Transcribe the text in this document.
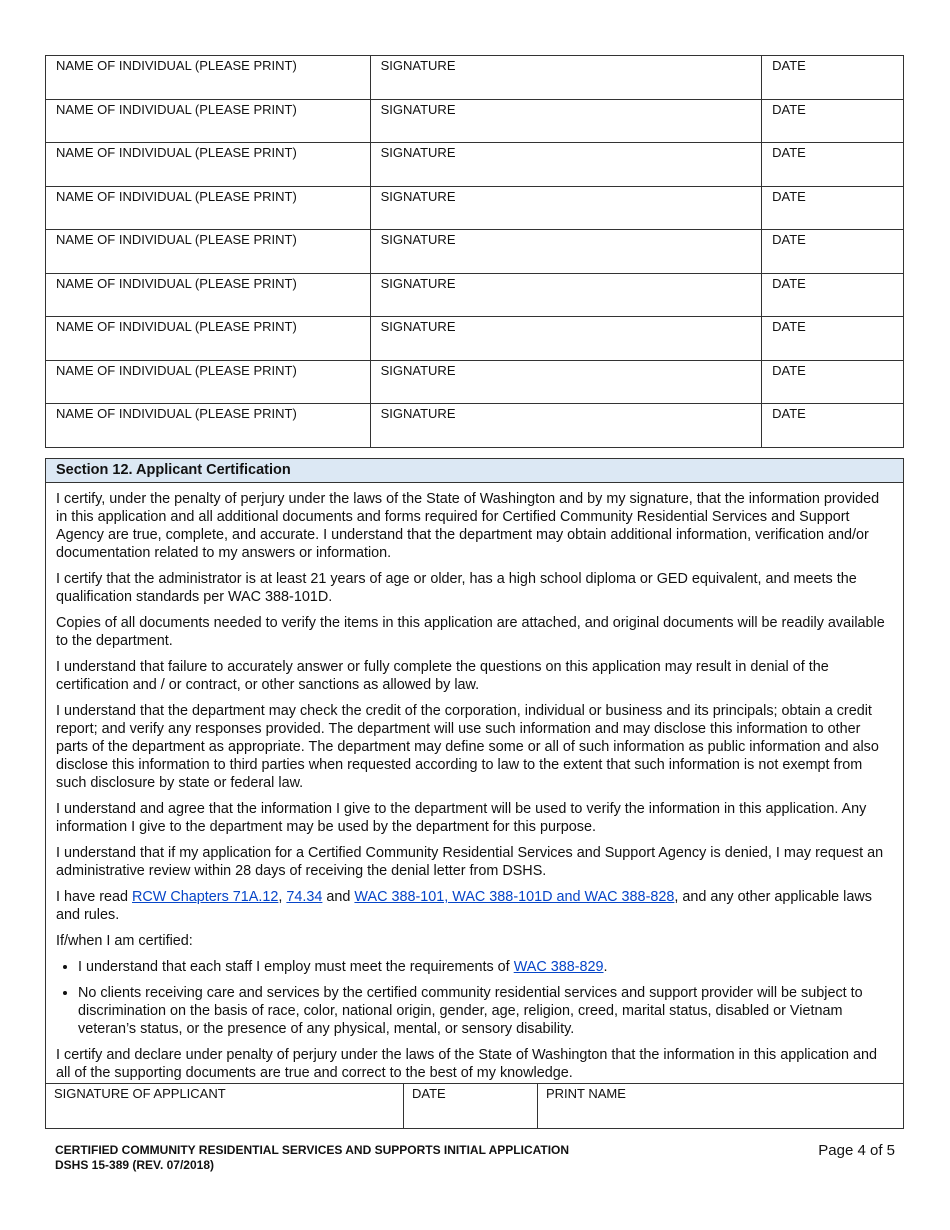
NAME OF INDIVIDUAL (PLEASE PRINT)	SIGNATURE	DATE
NAME OF INDIVIDUAL (PLEASE PRINT)	SIGNATURE	DATE
NAME OF INDIVIDUAL (PLEASE PRINT)	SIGNATURE	DATE
NAME OF INDIVIDUAL (PLEASE PRINT)	SIGNATURE	DATE
NAME OF INDIVIDUAL (PLEASE PRINT)	SIGNATURE	DATE
NAME OF INDIVIDUAL (PLEASE PRINT)	SIGNATURE	DATE
NAME OF INDIVIDUAL (PLEASE PRINT)	SIGNATURE	DATE
NAME OF INDIVIDUAL (PLEASE PRINT)	SIGNATURE	DATE
NAME OF INDIVIDUAL (PLEASE PRINT)	SIGNATURE	DATE
Section 12. Applicant Certification

I certify, under the penalty of perjury under the laws of the State of Washington and by my signature, that the information provided in this application and all additional documents and forms required for Certified Community Residential Services and Support Agency are true, complete, and accurate. I understand that the department may obtain additional information, verification and/or documentation related to my answers or information.

I certify that the administrator is at least 21 years of age or older, has a high school diploma or GED equivalent, and meets the qualification standards per WAC 388-101D.

Copies of all documents needed to verify the items in this application are attached, and original documents will be readily available to the department.

I understand that failure to accurately answer or fully complete the questions on this application may result in denial of the certification and / or contract, or other sanctions as allowed by law.

I understand that the department may check the credit of the corporation, individual or business and its principals; obtain a credit report; and verify any responses provided. The department will use such information and may disclose this information to other parts of the department as appropriate. The department may define some or all of such information as public information and also disclose this information to third parties when requested according to law to the extent that such information is not exempt from such disclosure by state or federal law.

I understand and agree that the information I give to the department will be used to verify the information in this application. Any information I give to the department may be used by the department for this purpose.

I understand that if my application for a Certified Community Residential Services and Support Agency is denied, I may request an administrative review within 28 days of receiving the denial letter from DSHS.

I have read RCW Chapters 71A.12, 74.34 and WAC 388-101, WAC 388-101D and WAC 388-828, and any other applicable laws and rules.

If/when I am certified:

• I understand that each staff I employ must meet the requirements of WAC 388-829.
• No clients receiving care and services by the certified community residential services and support provider will be subject to discrimination on the basis of race, color, national origin, gender, age, religion, creed, marital status, disabled or Vietnam veteran’s status, or the presence of any physical, mental, or sensory disability.

I certify and declare under penalty of perjury under the laws of the State of Washington that the information in this application and all of the supporting documents are true and correct to the best of my knowledge.

SIGNATURE OF APPLICANT	DATE	PRINT NAME
CERTIFIED COMMUNITY RESIDENTIAL SERVICES AND SUPPORTS INITIAL APPLICATION
DSHS 15-389 (REV. 07/2018)
Page 4 of 5
